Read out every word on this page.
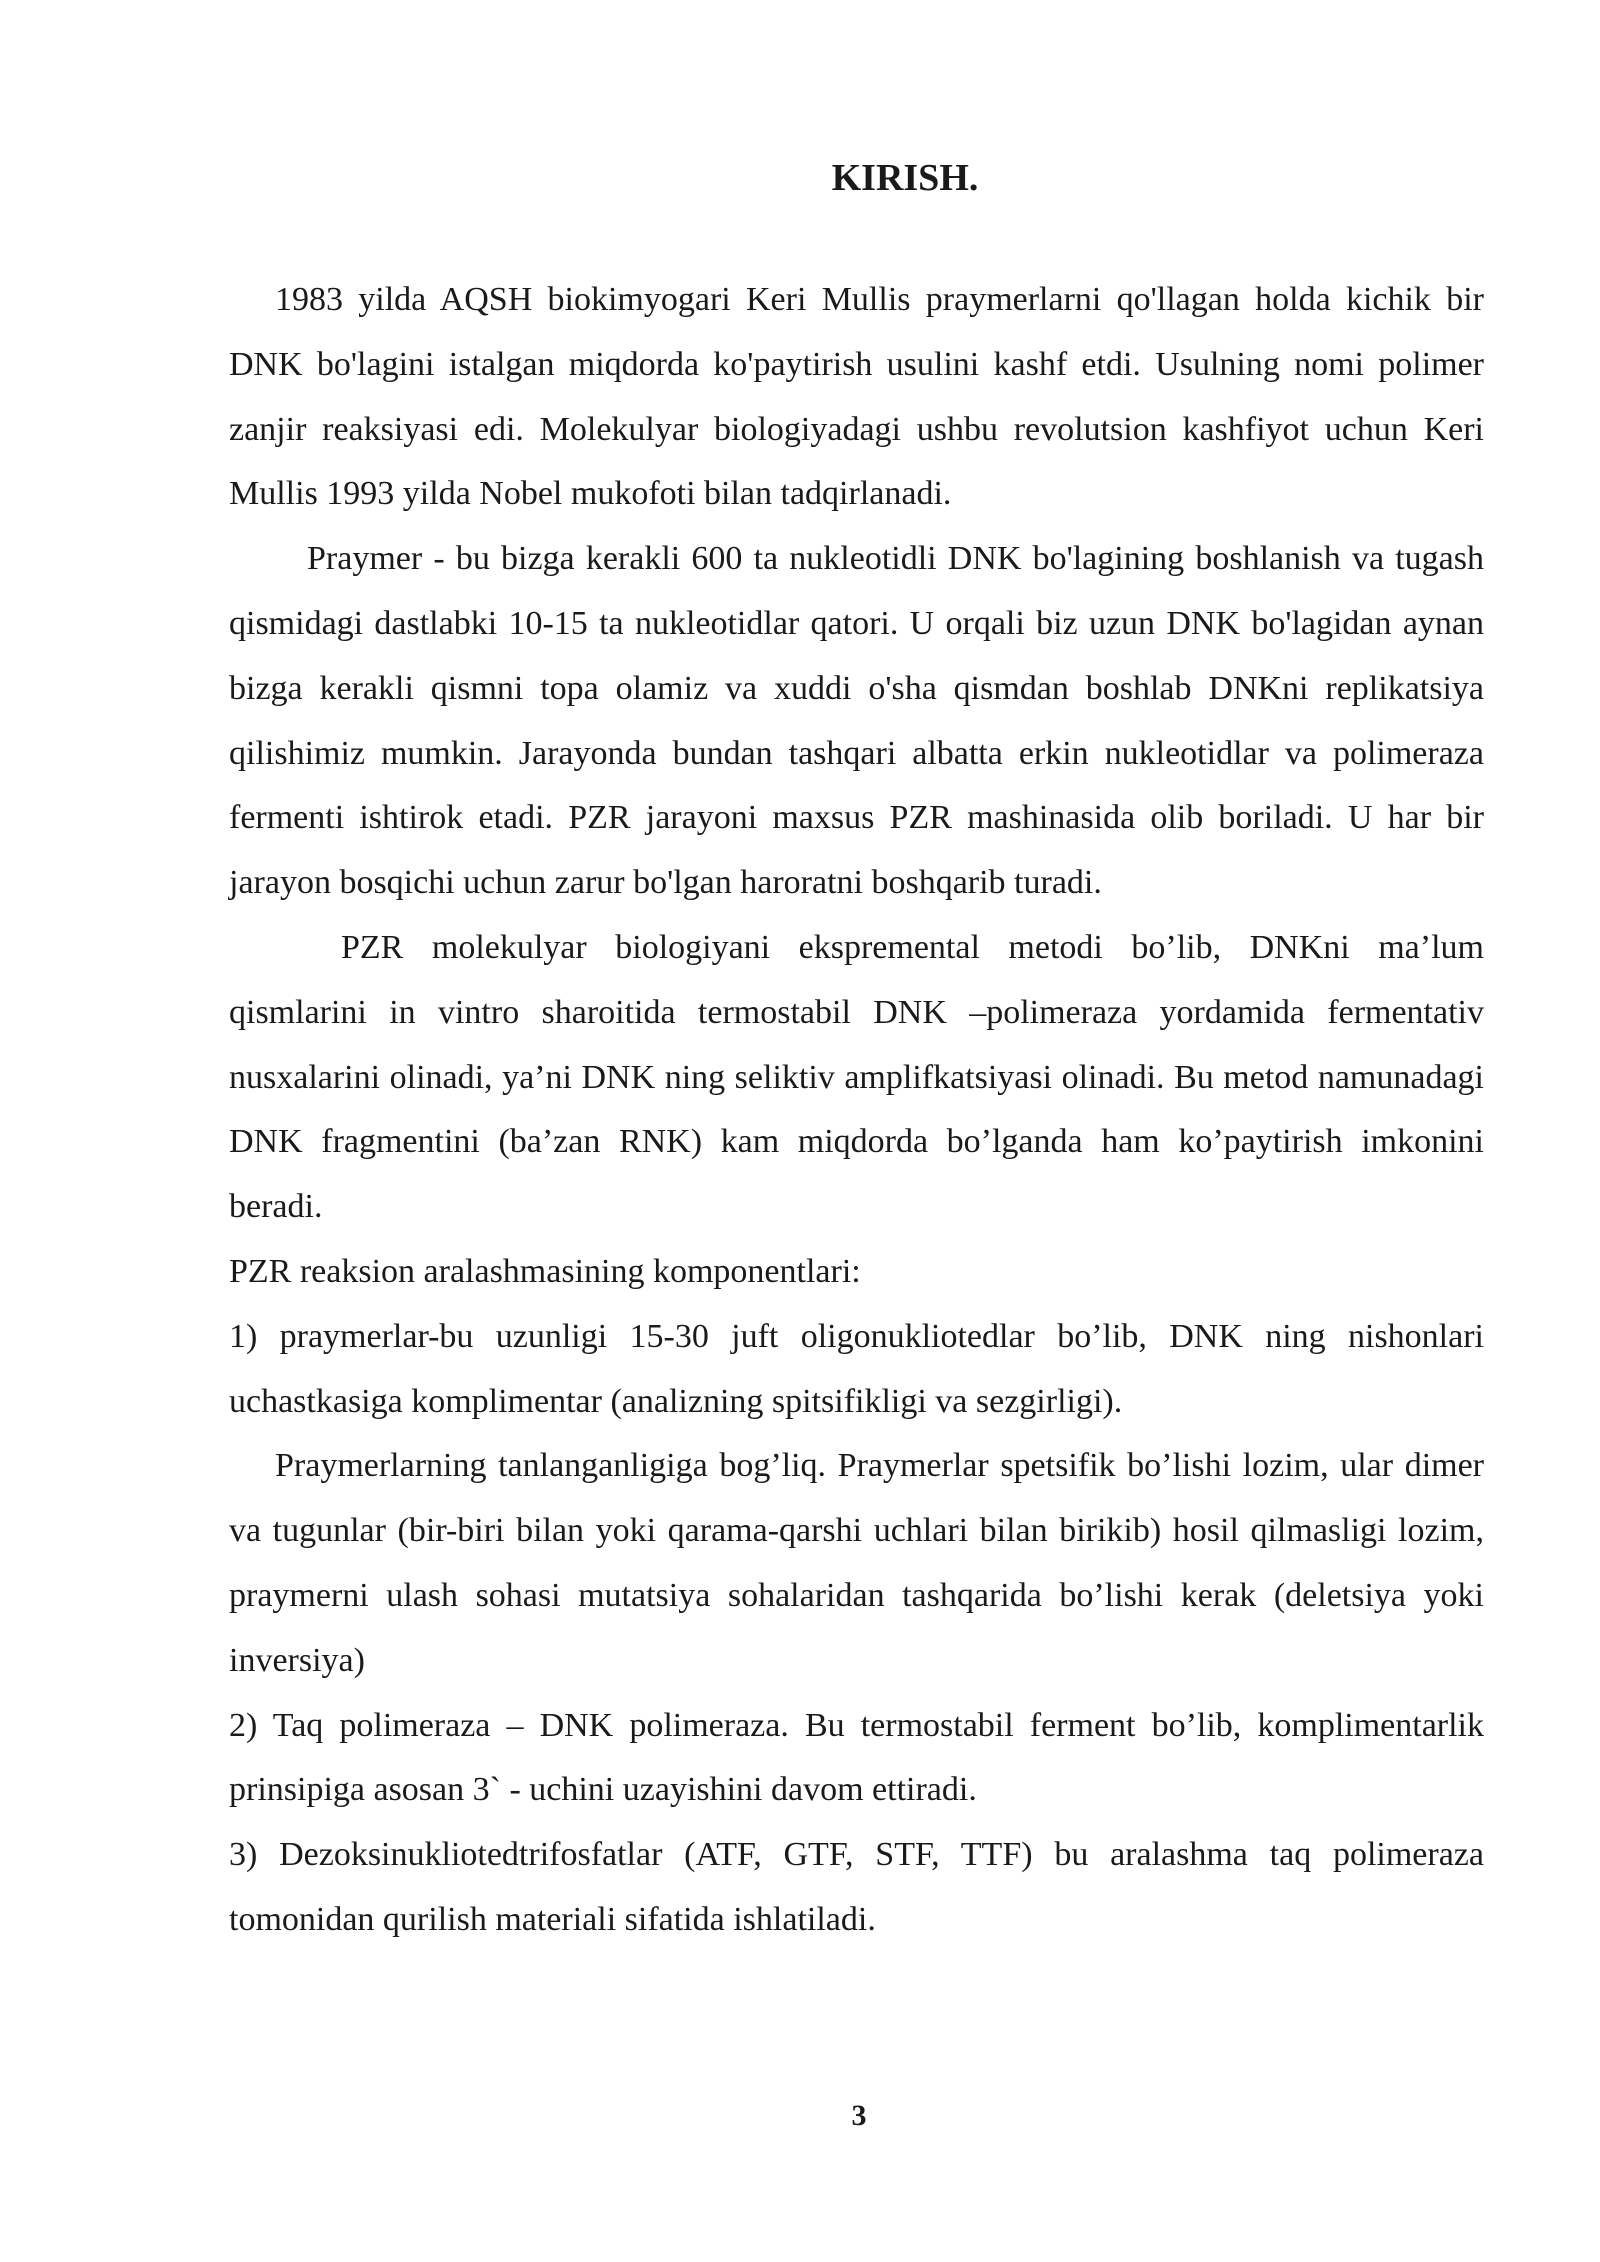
KIRISH.

1983 yilda AQSH biokimyogari Keri Mullis praymerlarni qo'llagan holda kichik bir DNK bo'lagini istalgan miqdorda ko'paytirish usulini kashf etdi. Usulning nomi polimer zanjir reaksiyasi edi. Molekulyar biologiyadagi ushbu revolutsion kashfiyot uchun Keri Mullis 1993 yilda Nobel mukofoti bilan tadqirlanadi.

Praymer - bu bizga kerakli 600 ta nukleotidli DNK bo'lagining boshlanish va tugash qismidagi dastlabki 10-15 ta nukleotidlar qatori. U orqali biz uzun DNK bo'lagidan aynan bizga kerakli qismni topa olamiz va xuddi o'sha qismdan boshlab DNKni replikatsiya qilishimiz mumkin. Jarayonda bundan tashqari albatta erkin nukleotidlar va polimeraza fermenti ishtirok etadi. PZR jarayoni maxsus PZR mashinasida olib boriladi. U har bir jarayon bosqichi uchun zarur bo'lgan haroratni boshqarib turadi.

PZR molekulyar biologiyani ekspremental metodi bo’lib, DNKni ma’lum qismlarini in vintro sharoitida termostabil DNK –polimeraza yordamida fermentativ nusxalarini olinadi, ya’ni DNK ning seliktiv amplifkatsiyasi olinadi. Bu metod namunadagi DNK fragmentini (ba’zan RNK) kam miqdorda bo’lganda ham ko’paytirish imkonini beradi.

PZR reaksion aralashmasining komponentlari:

1) praymerlar-bu uzunligi 15-30 juft oligonukliotedlar bo’lib, DNK ning nishonlari uchastkasiga komplimentar (analizning spitsifikligi va sezgirligi).

Praymerlarning tanlanganligiga bog’liq. Praymerlar spetsifik bo’lishi lozim, ular dimer va tugunlar (bir-biri bilan yoki qarama-qarshi uchlari bilan birikib) hosil qilmasligi lozim, praymerni ulash sohasi mutatsiya sohalaridan tashqarida bo’lishi kerak (deletsiya yoki inversiya)

2) Taq polimeraza – DNK polimeraza. Bu termostabil ferment bo’lib, komplimentarlik prinsipiga asosan 3` - uchini uzayishini davom ettiradi.

3) Dezoksinukliotedtrifosfatlar (ATF, GTF, STF, TTF) bu aralashma taq polimeraza tomonidan qurilish materiali sifatida ishlatiladi.

3
